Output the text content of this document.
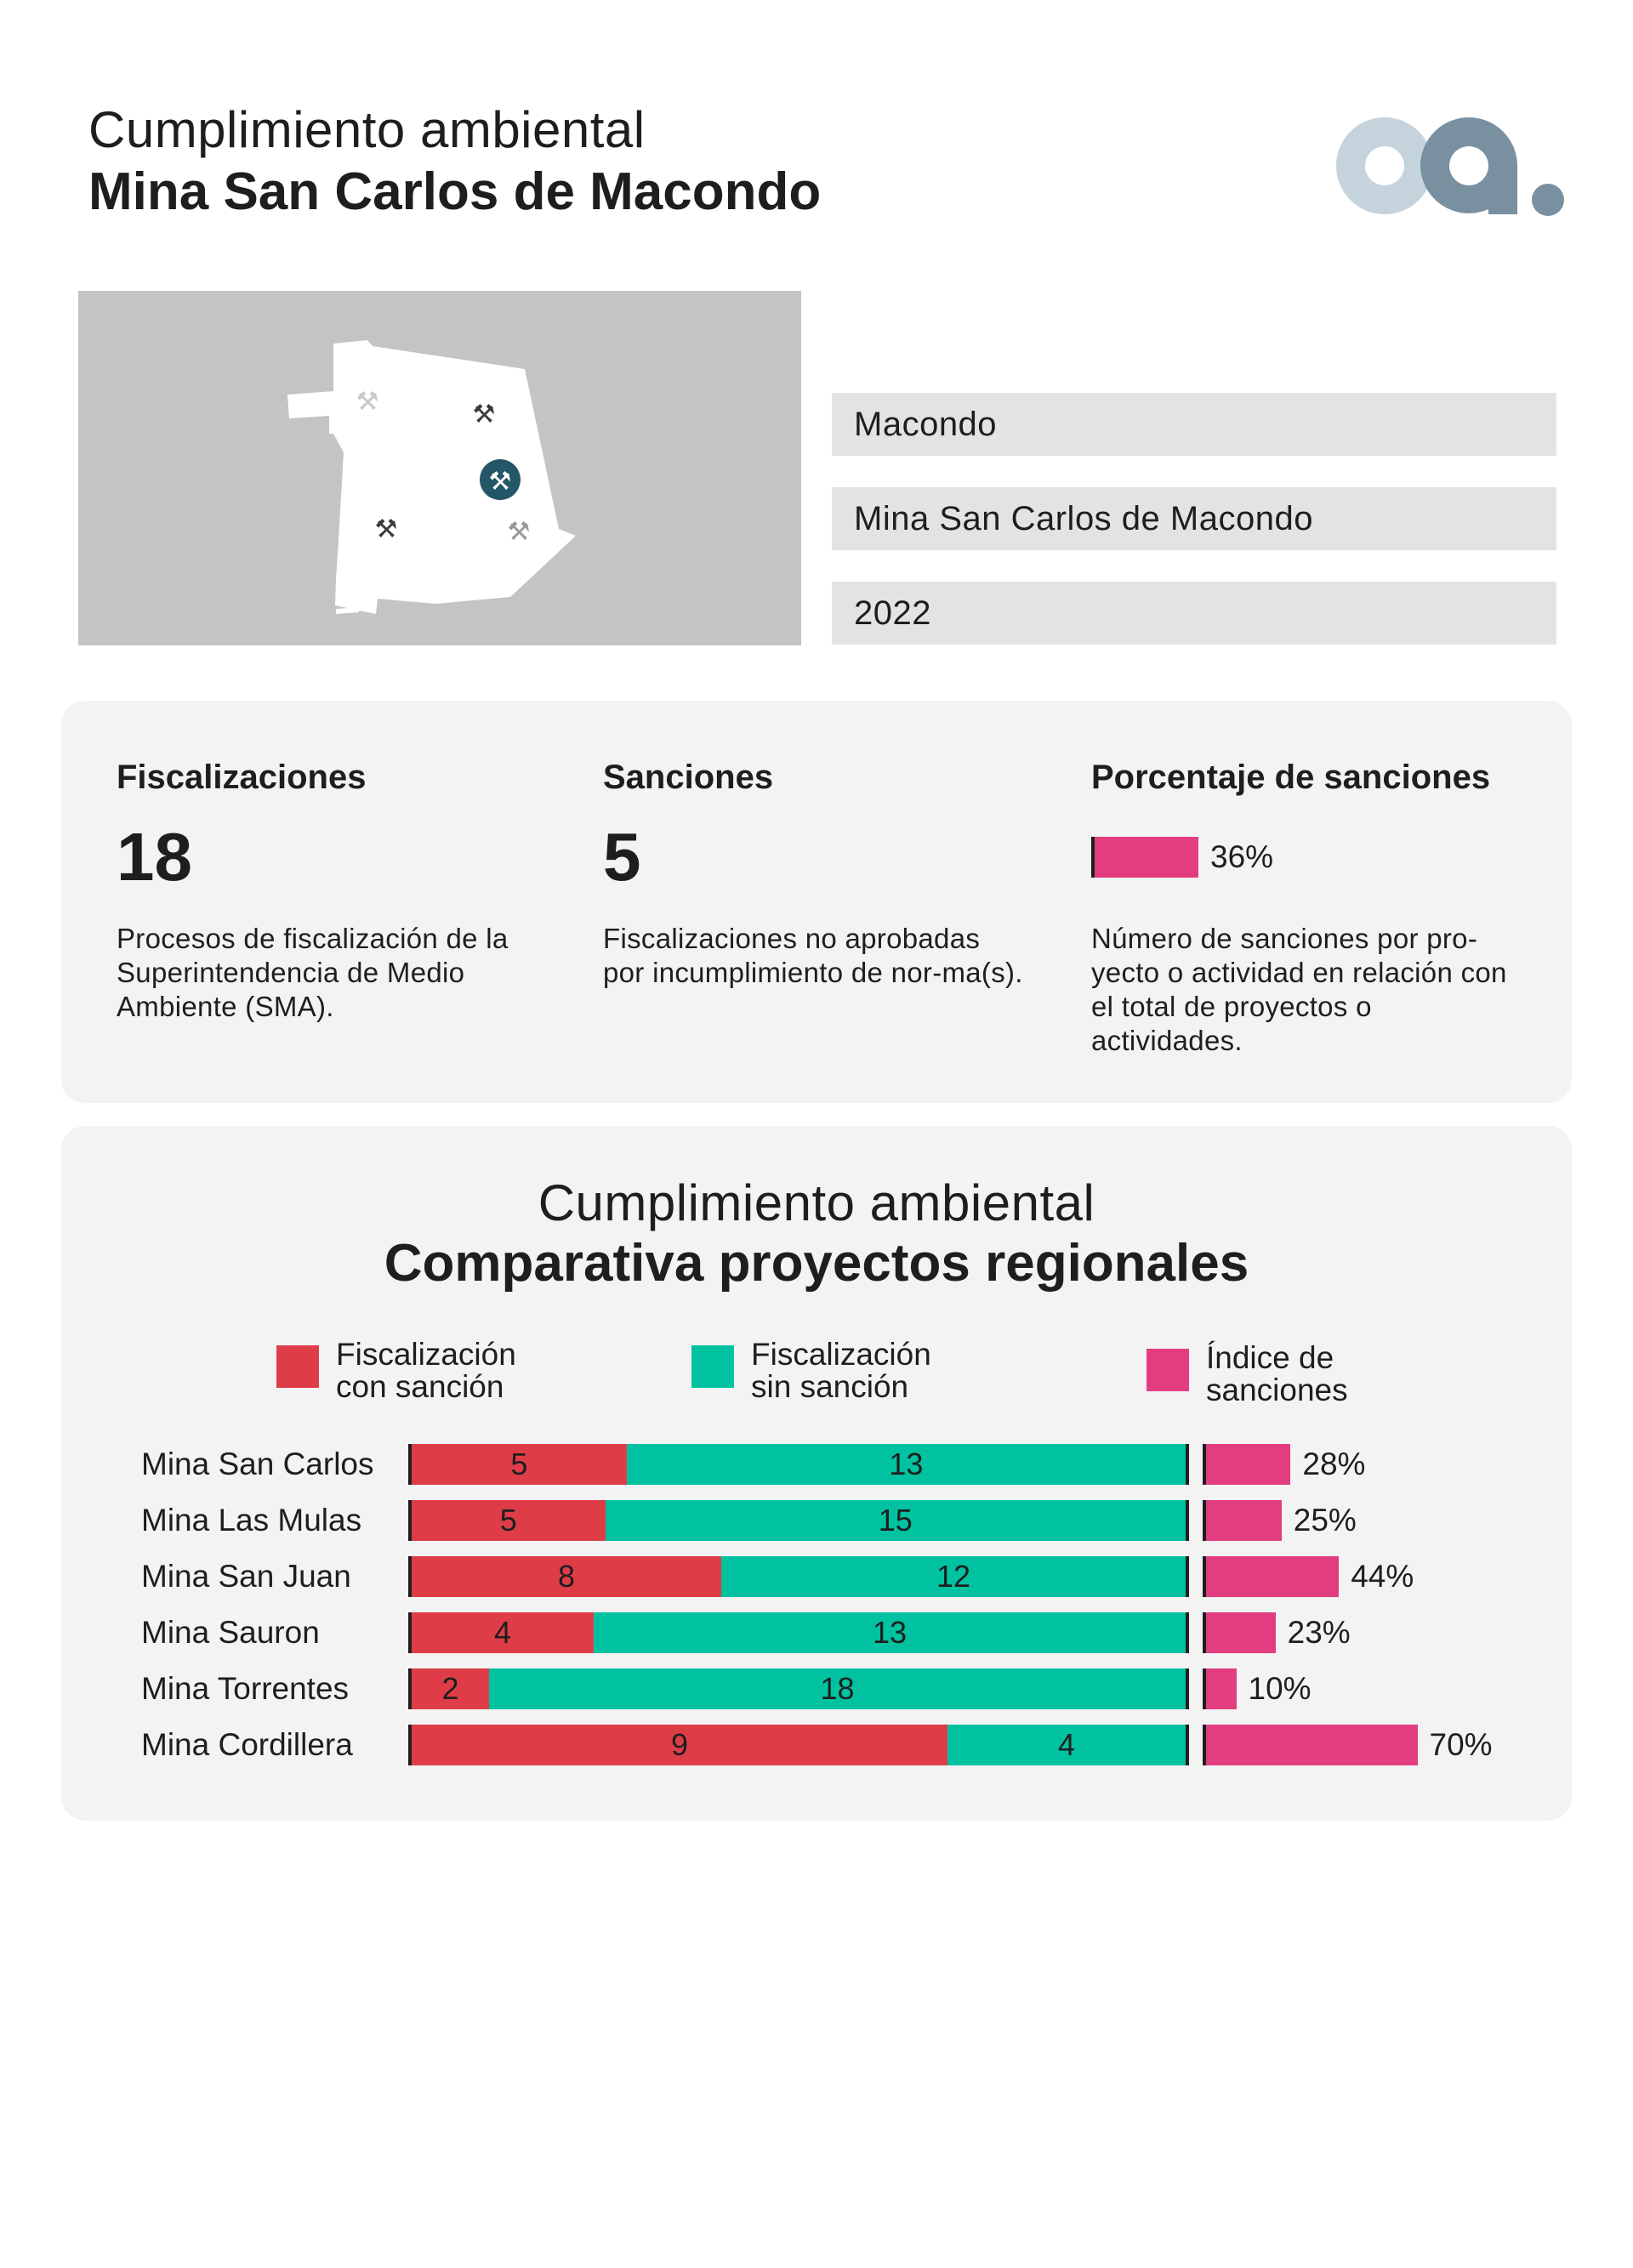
Cumplimiento ambiental
Mina San Carlos de Macondo
⚒	⚒
⚒
⚒	⚒
Macondo
Mina San Carlos de Macondo
2022
Fiscalizaciones
18
Procesos de fiscalización de la Superintendencia de Medio Ambiente (SMA).
Sanciones
5
Fiscalizaciones no aprobadas por incumplimiento de nor-ma(s).
Porcentaje de sanciones
36%
Número de sanciones por pro-yecto o actividad en relación con el total de proyectos o actividades.
Cumplimiento ambiental
Comparativa proyectos regionales
Fiscalización
con sanción
Fiscalización
sin sanción
Índice de
sanciones
Mina San Carlos	5	13	28%
Mina Las Mulas	5	15	25%
Mina San Juan	8	12	44%
Mina Sauron	4	13	23%
Mina Torrentes	2	18	10%
Mina Cordillera	9	4	70%
